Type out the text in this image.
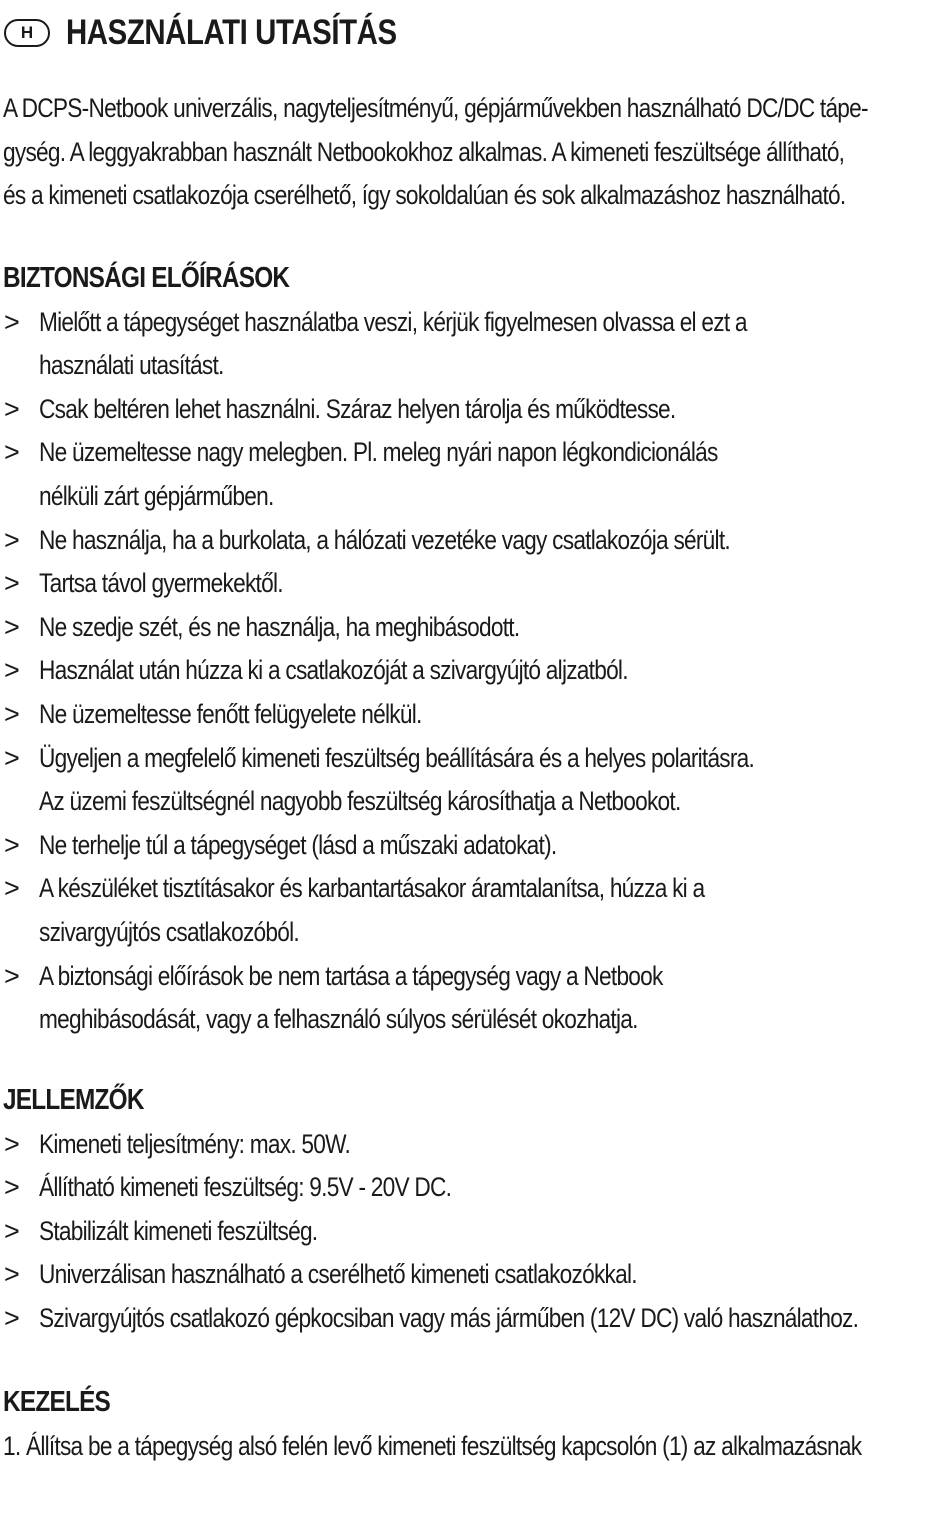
H HASZNÁLATI UTASÍTÁS
A DCPS-Netbook univerzális, nagyteljesítményű, gépjárművekben használható DC/DC tápe-
gység. A leggyakrabban használt Netbookokhoz alkalmas. A kimeneti feszültsége állítható,
és a kimeneti csatlakozója cserélhető, így sokoldalúan és sok alkalmazáshoz használható.
BIZTONSÁGI ELŐÍRÁSOK
> Mielőtt a tápegységet használatba veszi, kérjük figyelmesen olvassa el ezt a
használati utasítást.
> Csak beltéren lehet használni. Száraz helyen tárolja és működtesse.
> Ne üzemeltesse nagy melegben. Pl. meleg nyári napon légkondicionálás
nélküli zárt gépjárműben.
> Ne használja, ha a burkolata, a hálózati vezetéke vagy csatlakozója sérült.
> Tartsa távol gyermekektől.
> Ne szedje szét, és ne használja, ha meghibásodott.
> Használat után húzza ki a csatlakozóját a szivargyújtó aljzatból.
> Ne üzemeltesse fenőtt felügyelete nélkül.
> Ügyeljen a megfelelő kimeneti feszültség beállítására és a helyes polaritásra.
Az üzemi feszültségnél nagyobb feszültség károsíthatja a Netbookot.
> Ne terhelje túl a tápegységet (lásd a műszaki adatokat).
> A készüléket tisztításakor és karbantartásakor áramtalanítsa, húzza ki a
szivargyújtós csatlakozóból.
> A biztonsági előírások be nem tartása a tápegység vagy a Netbook
meghibásodását, vagy a felhasználó súlyos sérülését okozhatja.
JELLEMZŐK
> Kimeneti teljesítmény: max. 50W.
> Állítható kimeneti feszültség: 9.5V - 20V DC.
> Stabilizált kimeneti feszültség.
> Univerzálisan használható a cserélhető kimeneti csatlakozókkal.
> Szivargyújtós csatlakozó gépkocsiban vagy más járműben (12V DC) való használathoz.
KEZELÉS
1. Állítsa be a tápegység alsó felén levő kimeneti feszültség kapcsolón (1) az alkalmazásnak
